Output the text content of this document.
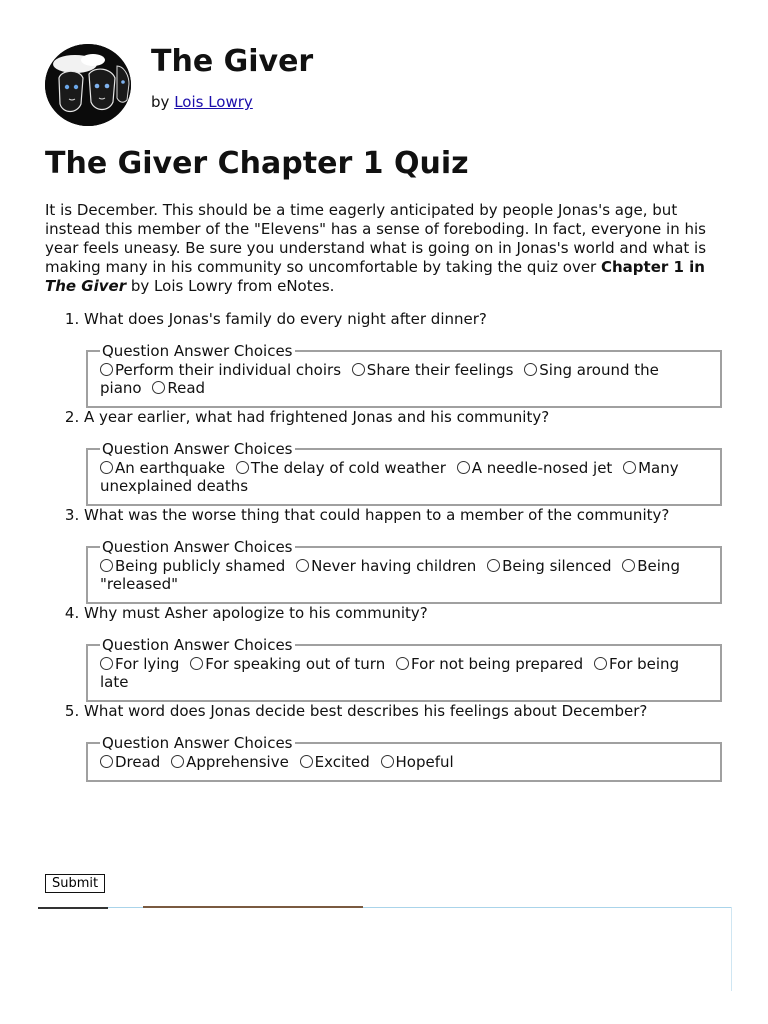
The Giver
by Lois Lowry
The Giver Chapter 1 Quiz

It is December. This should be a time eagerly anticipated by people Jonas's age, but instead this member of the "Elevens" has a sense of foreboding. In fact, everyone in his year feels uneasy. Be sure you understand what is going on in Jonas's world and what is making many in his community so uncomfortable by taking the quiz over Chapter 1 in The Giver by Lois Lowry from eNotes.

1. What does Jonas's family do every night after dinner?
Question Answer Choices
Perform their individual choirs Share their feelings Sing around the piano Read
2. A year earlier, what had frightened Jonas and his community?
Question Answer Choices
An earthquake The delay of cold weather A needle-nosed jet Many unexplained deaths
3. What was the worse thing that could happen to a member of the community?
Question Answer Choices
Being publicly shamed Never having children Being silenced Being "released"
4. Why must Asher apologize to his community?
Question Answer Choices
For lying For speaking out of turn For not being prepared For being late
5. What word does Jonas decide best describes his feelings about December?
Question Answer Choices
Dread Apprehensive Excited Hopeful
Submit
